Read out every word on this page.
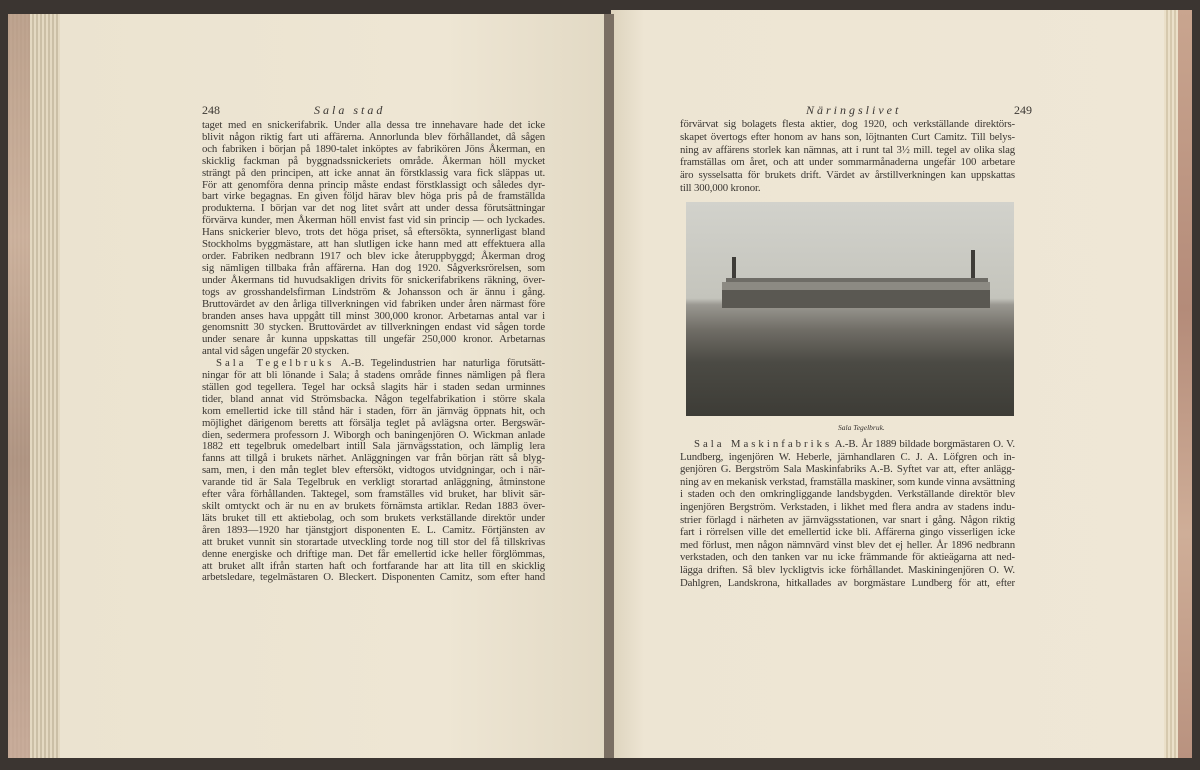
248	Sala stad	Näringslivet	249
taget med en snickerifabrik. Under alla dessa tre innehavare hade det icke
blivit någon riktig fart uti affärerna. Annorlunda blev förhållandet, då sågen
och fabriken i början på 1890-talet inköptes av fabrikören Jöns Åkerman, en
skicklig fackman på byggnadssnickeriets område. Åkerman höll mycket
strängt på den principen, att icke annat än förstklassig vara fick släppas ut.
För att genomföra denna princip måste endast förstklassigt och således dyr-
bart virke begagnas. En given följd härav blev höga pris på de framställda
produkterna. I början var det nog litet svårt att under dessa förutsättningar
förvärva kunder, men Åkerman höll envist fast vid sin princip — och lyckades.
Hans snickerier blevo, trots det höga priset, så eftersökta, synnerligast bland
Stockholms byggmästare, att han slutligen icke hann med att effektuera alla
order. Fabriken nedbrann 1917 och blev icke återuppbyggd; Åkerman drog
sig nämligen tillbaka från affärerna. Han dog 1920. Sågverksrörelsen, som
under Åkermans tid huvudsakligen drivits för snickerifabrikens räkning, över-
togs av grosshandelsfirman Lindström & Johansson och är ännu i gång.
Bruttovärdet av den årliga tillverkningen vid fabriken under åren närmast före
branden anses hava uppgått till minst 300,000 kronor. Arbetarnas antal var i
genomsnitt 30 stycken. Bruttovärdet av tillverkningen endast vid sågen torde
under senare år kunna uppskattas till ungefär 250,000 kronor. Arbetarnas
antal vid sågen ungefär 20 stycken.
Sala Tegelbruks A.-B. Tegelindustrien har naturliga förutsätt-
ningar för att bli lönande i Sala; å stadens område finnes nämligen på flera
ställen god tegellera. Tegel har också slagits här i staden sedan urminnes
tider, bland annat vid Strömsbacka. Någon tegelfabrikation i större skala
kom emellertid icke till stånd här i staden, förr än järnväg öppnats hit, och
möjlighet därigenom beretts att försälja teglet på avlägsna orter. Bergswär-
dien, sedermera professorn J. Wiborgh och baningenjören O. Wickman anlade
1882 ett tegelbruk omedelbart intill Sala järnvägsstation, och lämplig lera
fanns att tillgå i brukets närhet. Anläggningen var från början rätt så blyg-
sam, men, i den mån teglet blev eftersökt, vidtogos utvidgningar, och i när-
varande tid är Sala Tegelbruk en verkligt storartad anläggning, åtminstone
efter våra förhållanden. Taktegel, som framställes vid bruket, har blivit sär-
skilt omtyckt och är nu en av brukets förnämsta artiklar. Redan 1883 över-
läts bruket till ett aktiebolag, och som brukets verkställande direktör under
åren 1893—1920 har tjänstgjort disponenten E. L. Camitz. Förtjänsten av
att bruket vunnit sin storartade utveckling torde nog till stor del få tillskrivas
denne energiske och driftige man. Det får emellertid icke heller förglömmas,
att bruket allt ifrån starten haft och fortfarande har att lita till en skicklig
arbetsledare, tegelmästaren O. Bleckert. Disponenten Camitz, som efter hand
förvärvat sig bolagets flesta aktier, dog 1920, och verkställande direktörs-
skapet övertogs efter honom av hans son, löjtnanten Curt Camitz. Till belys-
ning av affärens storlek kan nämnas, att i runt tal 3½ mill. tegel av olika slag
framställas om året, och att under sommarmånaderna ungefär 100 arbetare
äro sysselsatta för brukets drift. Värdet av årstillverkningen kan uppskattas
till 300,000 kronor.
Sala Tegelbruk.
Sala Maskinfabriks A.-B. År 1889 bildade borgmästaren O. V.
Lundberg, ingenjören W. Heberle, järnhandlaren C. J. A. Löfgren och in-
genjören G. Bergström Sala Maskinfabriks A.-B. Syftet var att, efter anlägg-
ning av en mekanisk verkstad, framställa maskiner, som kunde vinna avsättning
i staden och den omkringliggande landsbygden. Verkställande direktör blev
ingenjören Bergström. Verkstaden, i likhet med flera andra av stadens indu-
strier förlagd i närheten av järnvägsstationen, var snart i gång. Någon riktig
fart i rörrelsen ville det emellertid icke bli. Affärerna gingo visserligen icke
med förlust, men någon nämnvärd vinst blev det ej heller. År 1896 nedbrann
verkstaden, och den tanken var nu icke främmande för aktieägarna att ned-
lägga driften. Så blev lyckligtvis icke förhållandet. Maskiningenjören O. W.
Dahlgren, Landskrona, hitkallades av borgmästare Lundberg för att, efter
